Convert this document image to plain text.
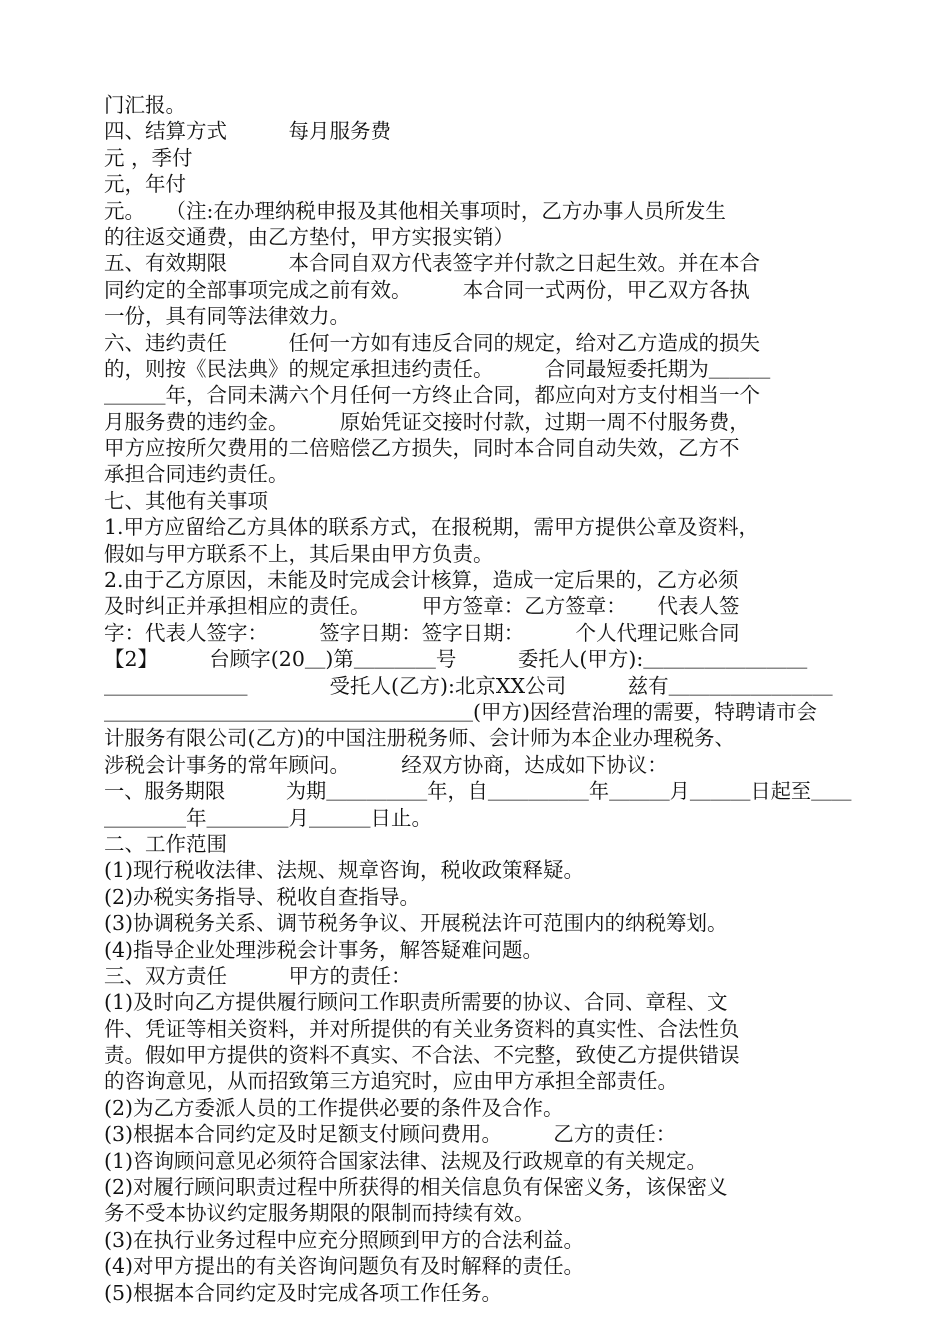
门汇报。
四、结算方式　　　每月服务费
元 ，季付
元，年付
元。　　（注:在办理纳税申报及其他相关事项时，乙方办事人员所发生
的往返交通费，由乙方垫付，甲方实报实销）
五、有效期限　　　本合同自双方代表签字并付款之日起生效。并在本合
同约定的全部事项完成之前有效。　　　本合同一式两份，甲乙双方各执
一份，具有同等法律效力。
六、违约责任　　　任何一方如有违反合同的规定，给对乙方造成的损失
的，则按《民法典》的规定承担违约责任。　　　合同最短委托期为＿＿＿
＿＿＿年，合同未满六个月任何一方终止合同，都应向对方支付相当一个
月服务费的违约金。　　　原始凭证交接时付款，过期一周不付服务费，
甲方应按所欠费用的二倍赔偿乙方损失，同时本合同自动失效，乙方不
承担合同违约责任。
七、其他有关事项
1.甲方应留给乙方具体的联系方式，在报税期，需甲方提供公章及资料，
假如与甲方联系不上，其后果由甲方负责。
2.由于乙方原因，未能及时完成会计核算，造成一定后果的，乙方必须
及时纠正并承担相应的责任。　　　甲方签章：乙方签章：　　代表人签
字：代表人签字：　　　签字日期：签字日期：　　　个人代理记账合同
【2】　　　台顾字(20＿)第＿＿＿＿号　　　委托人(甲方):＿＿＿＿＿＿＿＿
＿＿＿＿＿＿＿　　　　受托人(乙方):北京XX公司　　　兹有＿＿＿＿＿＿＿＿
＿＿＿＿＿＿＿＿＿＿＿＿＿＿＿＿＿＿(甲方)因经营治理的需要，特聘请市会
计服务有限公司(乙方)的中国注册税务师、会计师为本企业办理税务、
涉税会计事务的常年顾问。　　　经双方协商，达成如下协议：
一、服务期限　　　为期＿＿＿＿＿年，自＿＿＿＿＿年＿＿＿月＿＿＿日起至＿＿
＿＿＿＿年＿＿＿＿月＿＿＿日止。
二、工作范围
(1)现行税收法律、法规、规章咨询，税收政策释疑。
(2)办税实务指导、税收自查指导。
(3)协调税务关系、调节税务争议、开展税法许可范围内的纳税筹划。
(4)指导企业处理涉税会计事务，解答疑难问题。
三、双方责任　　　甲方的责任：
(1)及时向乙方提供履行顾问工作职责所需要的协议、合同、章程、文
件、凭证等相关资料，并对所提供的有关业务资料的真实性、合法性负
责。假如甲方提供的资料不真实、不合法、不完整，致使乙方提供错误
的咨询意见，从而招致第三方追究时，应由甲方承担全部责任。
(2)为乙方委派人员的工作提供必要的条件及合作。
(3)根据本合同约定及时足额支付顾问费用。　　　乙方的责任：
(1)咨询顾问意见必须符合国家法律、法规及行政规章的有关规定。
(2)对履行顾问职责过程中所获得的相关信息负有保密义务，该保密义
务不受本协议约定服务期限的限制而持续有效。
(3)在执行业务过程中应充分照顾到甲方的合法利益。
(4)对甲方提出的有关咨询问题负有及时解释的责任。
(5)根据本合同约定及时完成各项工作任务。
